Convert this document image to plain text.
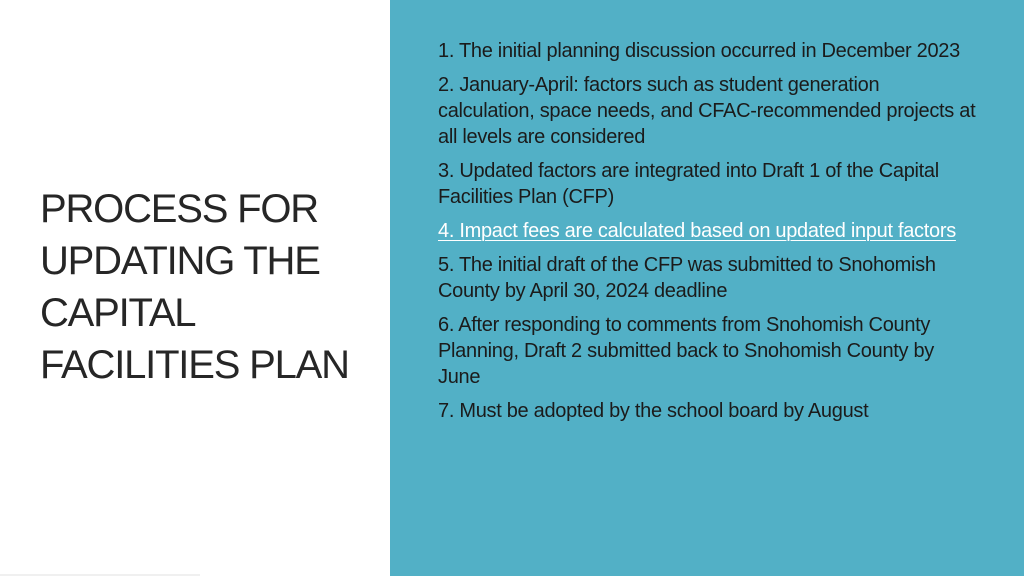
PROCESS FOR UPDATING THE CAPITAL FACILITIES PLAN
1. The initial planning discussion occurred in December 2023
2. January-April: factors such as student generation calculation, space needs, and CFAC-recommended projects at all levels are considered
3. Updated factors are integrated into Draft 1 of the Capital Facilities Plan (CFP)
4. Impact fees are calculated based on updated input factors
5. The initial draft of the CFP was submitted to Snohomish County by April 30, 2024 deadline
6. After responding to comments from Snohomish County Planning, Draft 2 submitted back to Snohomish County by June
7. Must be adopted by the school board by August
